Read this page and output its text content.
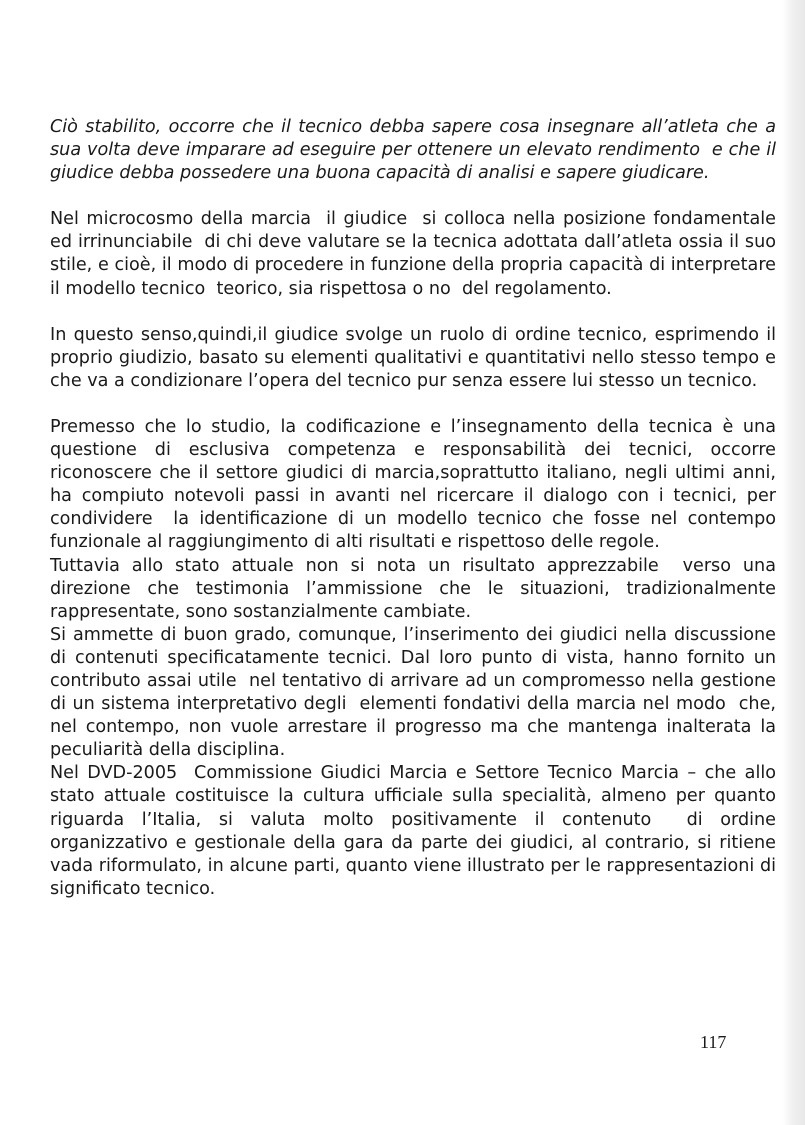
Ciò stabilito, occorre che il tecnico debba sapere cosa insegnare all’atleta che a sua volta deve imparare ad eseguire per ottenere un elevato rendimento  e che il giudice debba possedere una buona capacità di analisi e sapere giudicare.

Nel microcosmo della marcia  il giudice  si colloca nella posizione fondamentale ed irrinunciabile  di chi deve valutare se la tecnica adottata dall’atleta ossia il suo stile, e cioè, il modo di procedere in funzione della propria capacità di interpretare il modello tecnico  teorico, sia rispettosa o no  del regolamento.

In questo senso,quindi,il giudice svolge un ruolo di ordine tecnico, esprimendo il proprio giudizio, basato su elementi qualitativi e quantitativi nello stesso tempo e che va a condizionare l’opera del tecnico pur senza essere lui stesso un tecnico.

Premesso che lo studio, la codificazione e l’insegnamento della tecnica è una questione di esclusiva competenza e responsabilità dei tecnici, occorre riconoscere che il settore giudici di marcia,soprattutto italiano, negli ultimi anni, ha compiuto notevoli passi in avanti nel ricercare il dialogo con i tecnici, per condividere  la identificazione di un modello tecnico che fosse nel contempo funzionale al raggiungimento di alti risultati e rispettoso delle regole.

Tuttavia allo stato attuale non si nota un risultato apprezzabile  verso una direzione che testimonia l’ammissione che le situazioni, tradizionalmente rappresentate, sono sostanzialmente cambiate.

Si ammette di buon grado, comunque, l’inserimento dei giudici nella discussione di contenuti specificatamente tecnici. Dal loro punto di vista, hanno fornito un contributo assai utile  nel tentativo di arrivare ad un compromesso nella gestione di un sistema interpretativo degli  elementi fondativi della marcia nel modo  che, nel contempo, non vuole arrestare il progresso ma che mantenga inalterata la peculiarità della disciplina.

Nel DVD-2005  Commissione Giudici Marcia e Settore Tecnico Marcia – che allo stato attuale costituisce la cultura ufficiale sulla specialità, almeno per quanto riguarda l’Italia, si valuta molto positivamente il contenuto  di ordine organizzativo e gestionale della gara da parte dei giudici, al contrario, si ritiene vada riformulato, in alcune parti, quanto viene illustrato per le rappresentazioni di significato tecnico.

117
